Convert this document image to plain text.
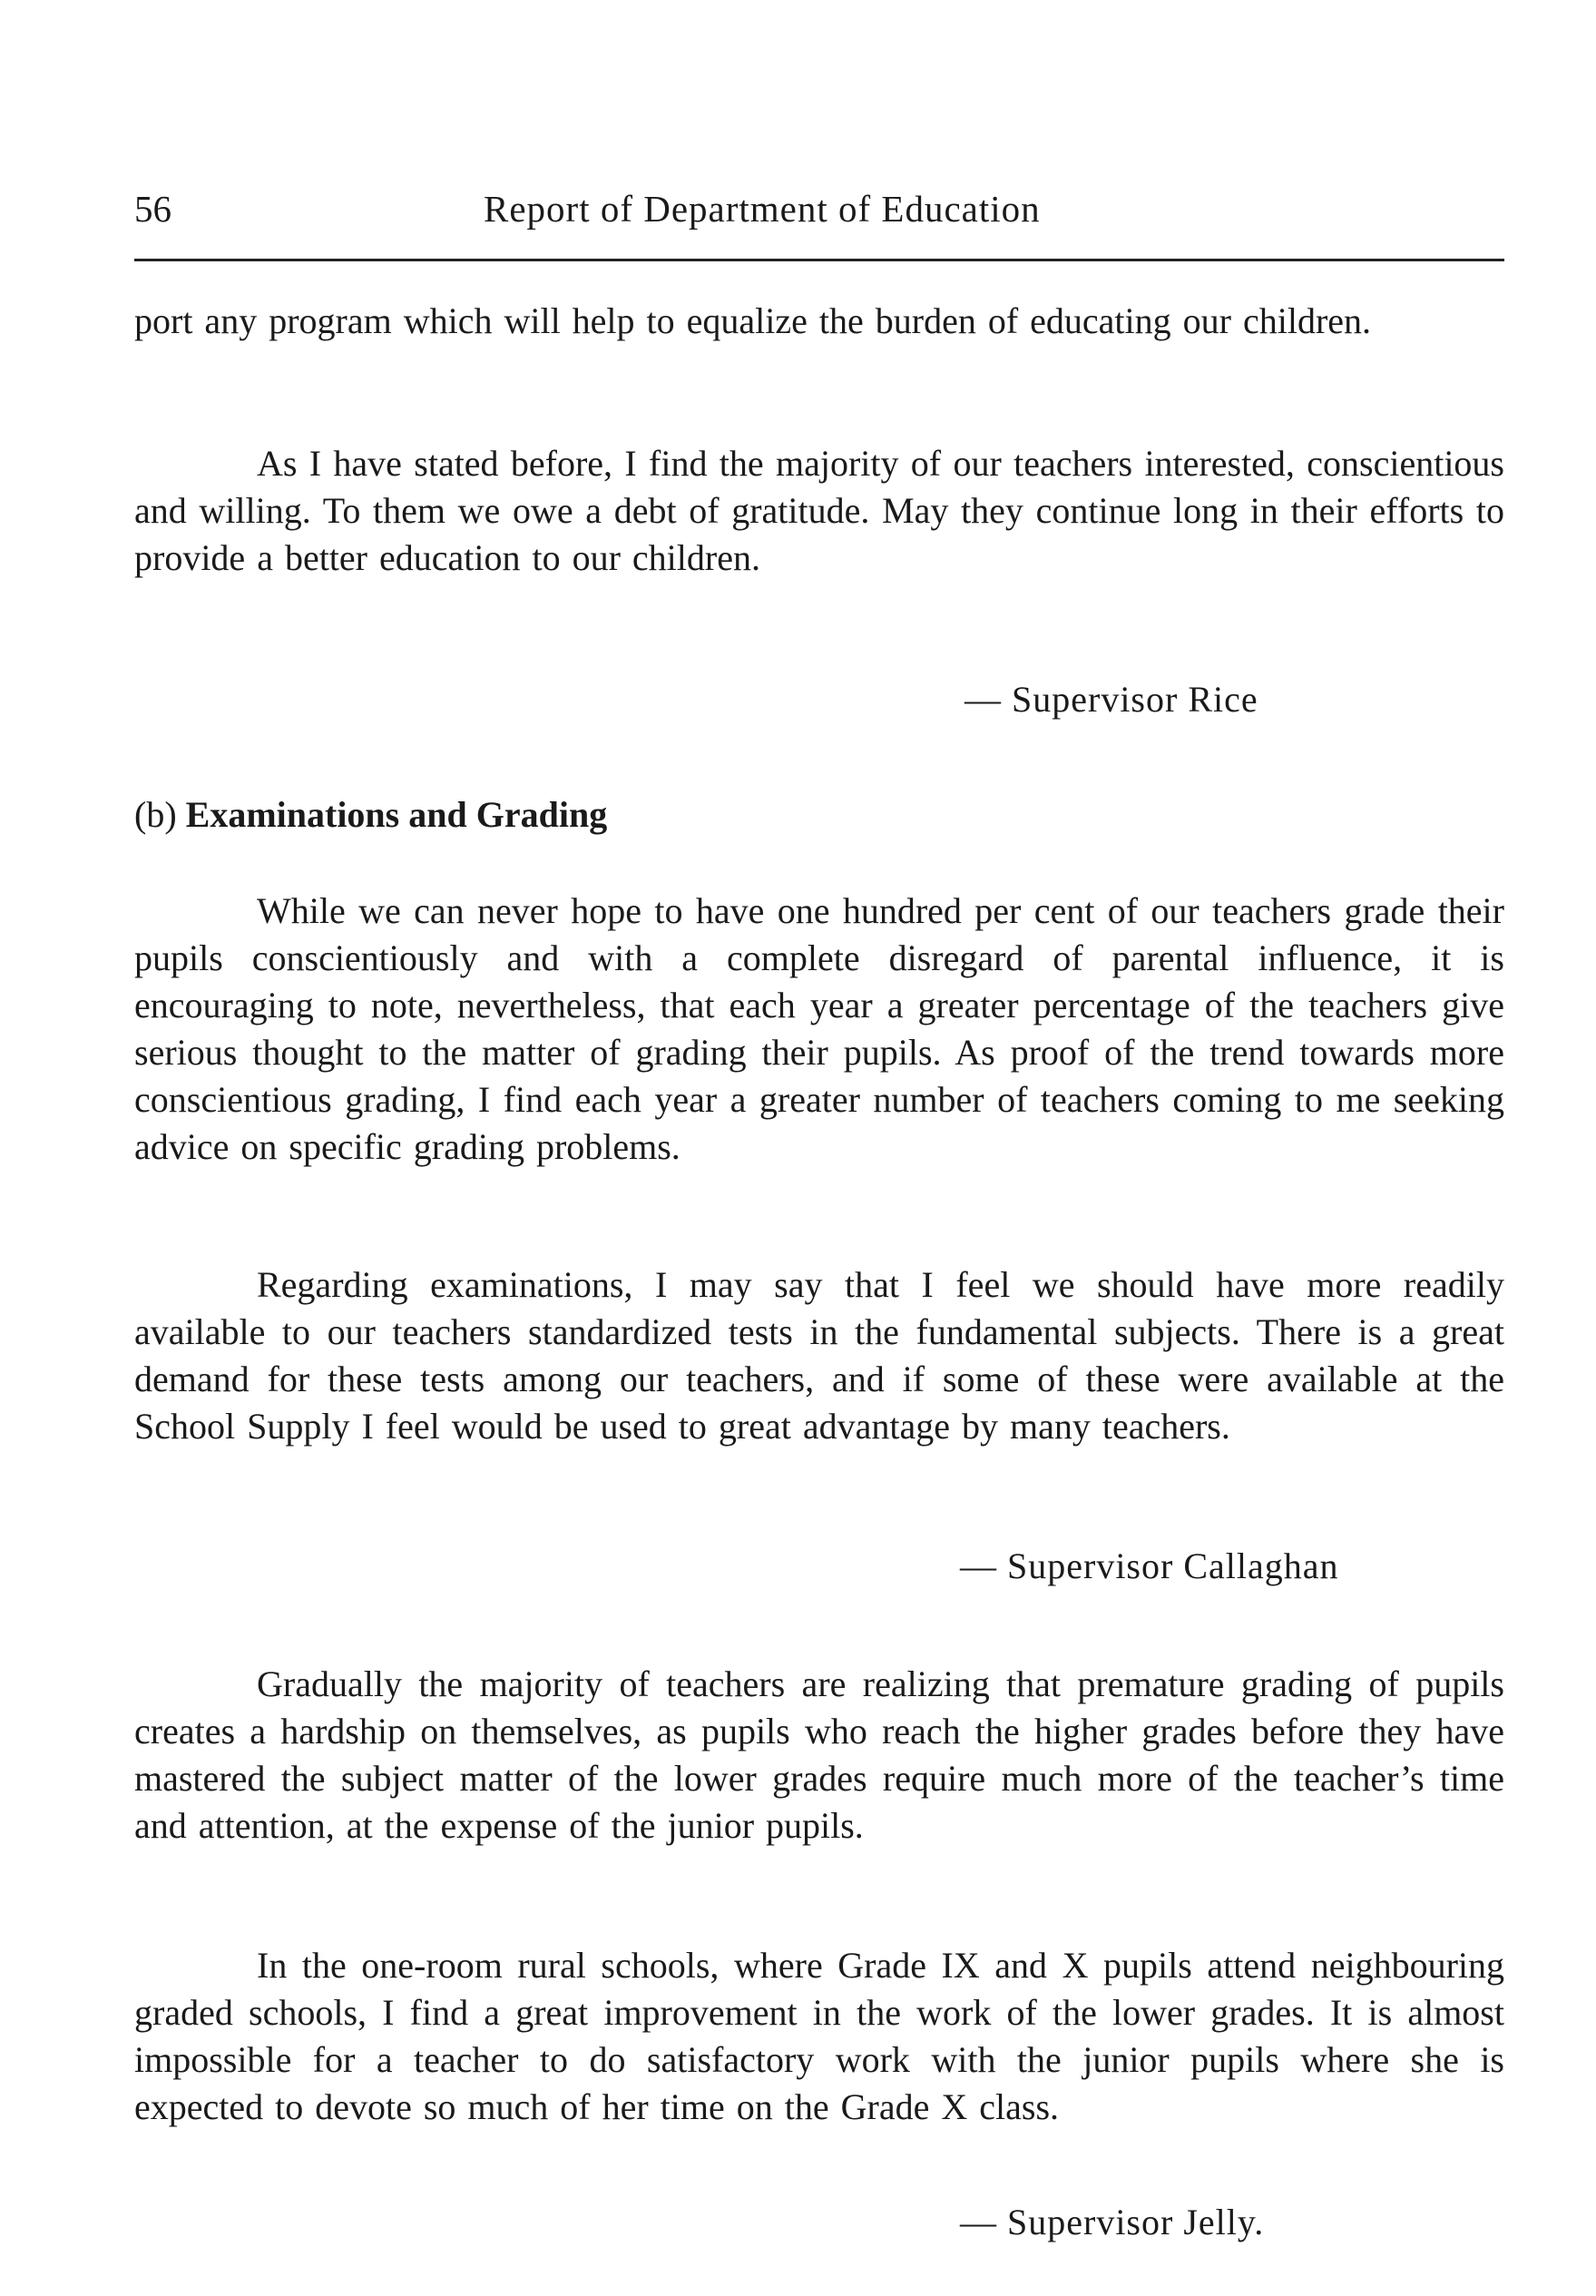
56	Report of Department of Education

port any program which will help to equalize the burden of educating our children.

As I have stated before, I find the majority of our teachers interested, conscientious and willing. To them we owe a debt of gratitude. May they continue long in their efforts to provide a better education to our children.

— Supervisor Rice
(b) Examinations and Grading

While we can never hope to have one hundred per cent of our teachers grade their pupils conscientiously and with a complete disregard of parental influence, it is encouraging to note, nevertheless, that each year a greater percentage of the teachers give serious thought to the matter of grading their pupils. As proof of the trend towards more conscientious grading, I find each year a greater number of teachers coming to me seeking advice on specific grading problems.

Regarding examinations, I may say that I feel we should have more readily available to our teachers standardized tests in the fundamental subjects. There is a great demand for these tests among our teachers, and if some of these were available at the School Supply I feel would be used to great advantage by many teachers.

— Supervisor Callaghan

Gradually the majority of teachers are realizing that premature grading of pupils creates a hardship on themselves, as pupils who reach the higher grades before they have mastered the subject matter of the lower grades require much more of the teacher’s time and attention, at the expense of the junior pupils.

In the one-room rural schools, where Grade IX and X pupils attend neighbouring graded schools, I find a great improvement in the work of the lower grades. It is almost impossible for a teacher to do satisfactory work with the junior pupils where she is expected to devote so much of her time on the Grade X class.

— Supervisor Jelly.
